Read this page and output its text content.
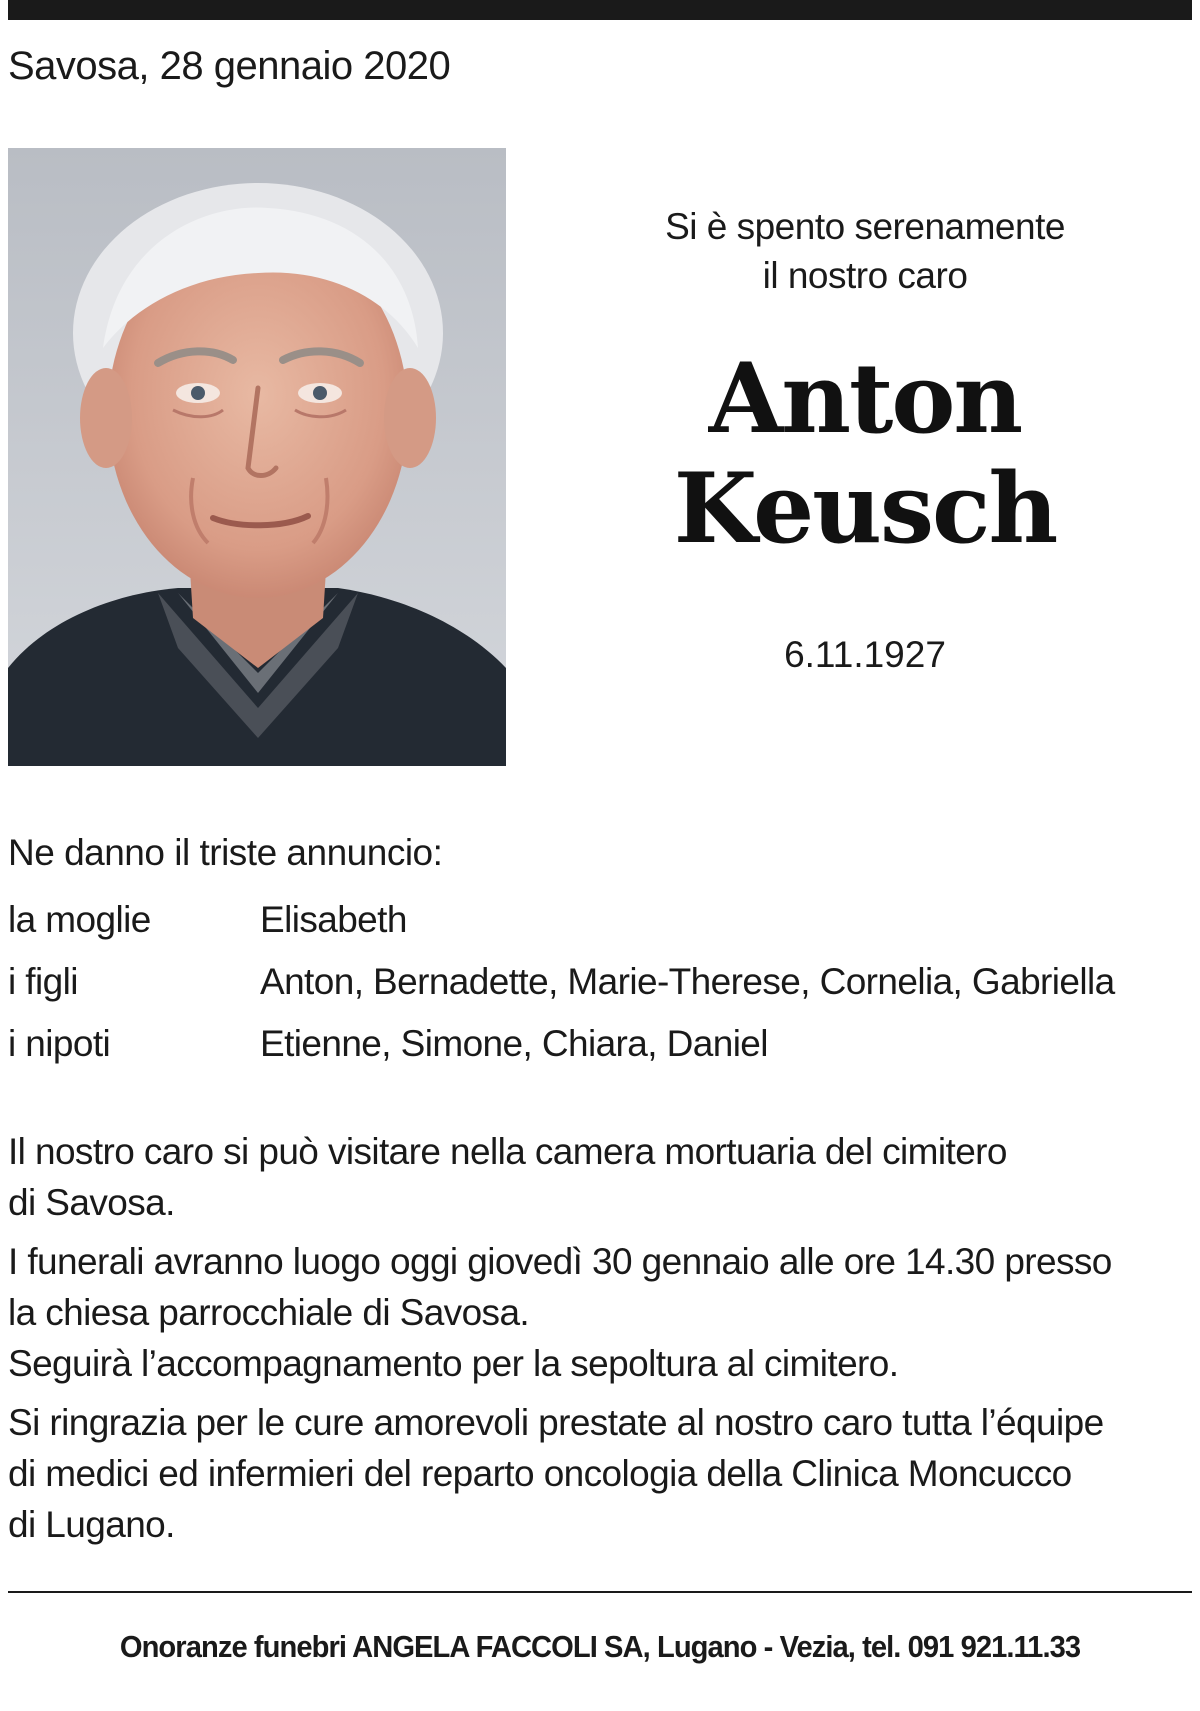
Savosa, 28 gennaio 2020
Si è spento serenamente
il nostro caro
Anton
Keusch
6.11.1927
Ne danno il triste annuncio:
la moglie	Elisabeth
i figli	Anton, Bernadette, Marie-Therese, Cornelia, Gabriella
i nipoti	Etienne, Simone, Chiara, Daniel

Il nostro caro si può visitare nella camera mortuaria del cimitero
di Savosa.

I funerali avranno luogo oggi giovedì 30 gennaio alle ore 14.30 presso
la chiesa parrocchiale di Savosa.
Seguirà l’accompagnamento per la sepoltura al cimitero.

Si ringrazia per le cure amorevoli prestate al nostro caro tutta l’équipe
di medici ed infermieri del reparto oncologia della Clinica Moncucco
di Lugano.

Onoranze funebri ANGELA FACCOLI SA, Lugano - Vezia, tel. 091 921.11.33
